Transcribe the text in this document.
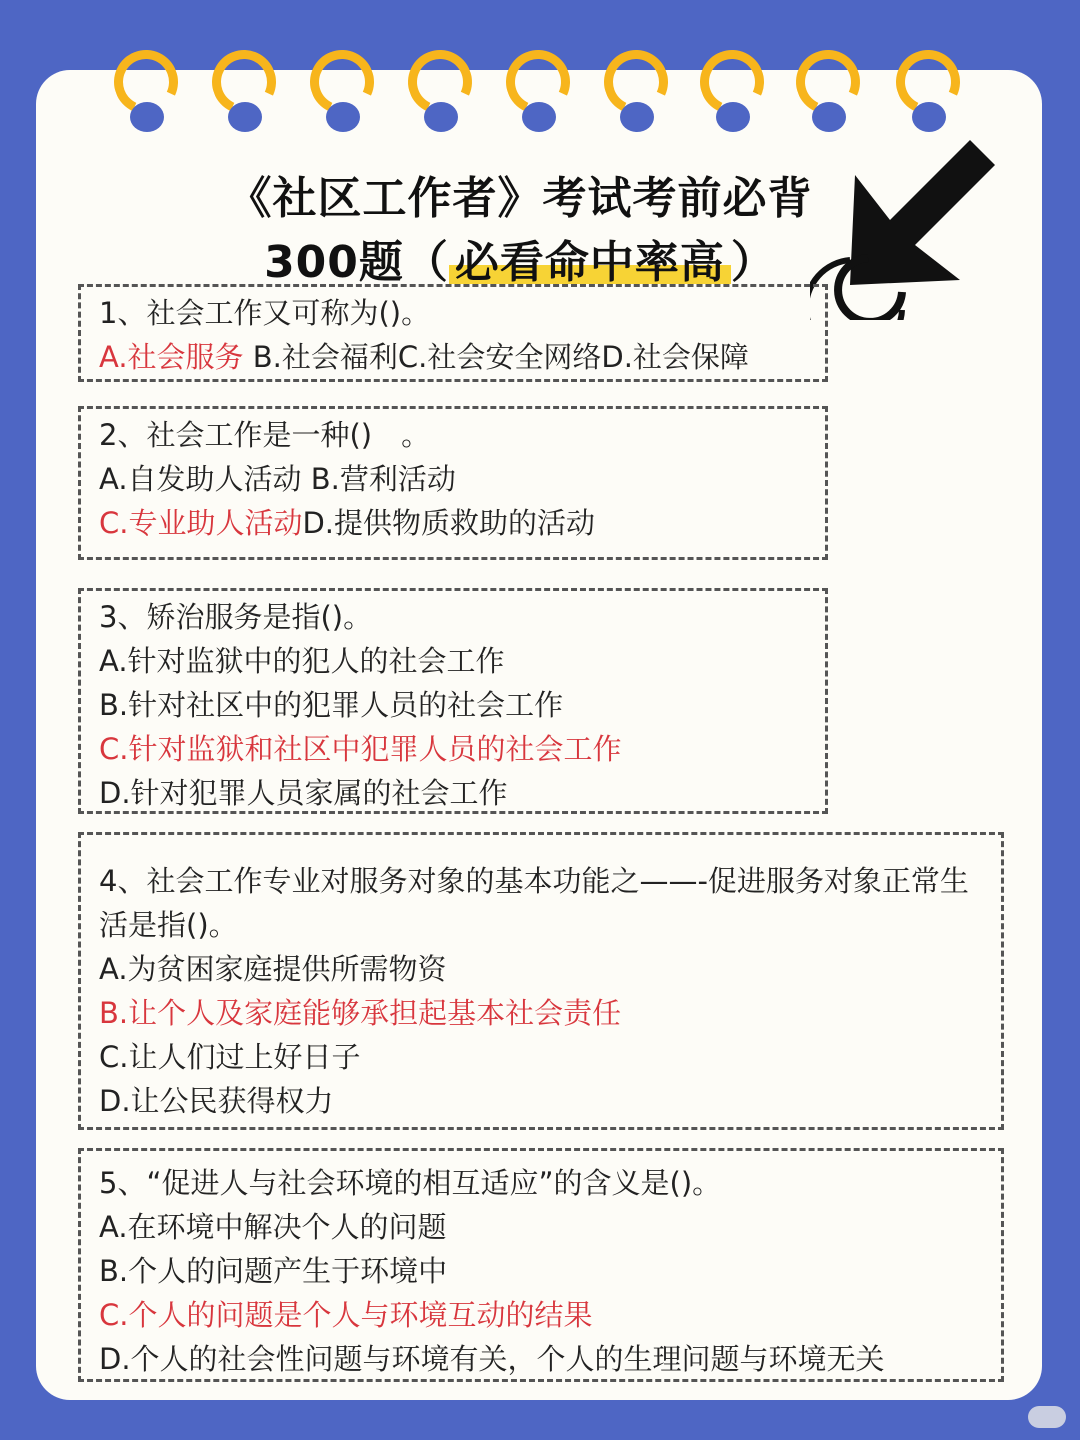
《社区工作者》考试考前必背
300题（ 必看命中率高 ）
1、社会工作又可称为()。
A.社会服务 B.社会福利C.社会安全网络D.社会保障
2、社会工作是一种()　。
A.自发助人活动 B.营利活动
C.专业助人活动D.提供物质救助的活动
3、矫治服务是指()。
A.针对监狱中的犯人的社会工作
B.针对社区中的犯罪人员的社会工作
C.针对监狱和社区中犯罪人员的社会工作
D.针对犯罪人员家属的社会工作
4、社会工作专业对服务对象的基本功能之——-促进服务对象正常生
活是指()。
A.为贫困家庭提供所需物资
B.让个人及家庭能够承担起基本社会责任
C.让人们过上好日子
D.让公民获得权力
5、“促进人与社会环境的相互适应”的含义是()。
A.在环境中解决个人的问题
B.个人的问题产生于环境中
C.个人的问题是个人与环境互动的结果
D.个人的社会性问题与环境有关，个人的生理问题与环境无关
